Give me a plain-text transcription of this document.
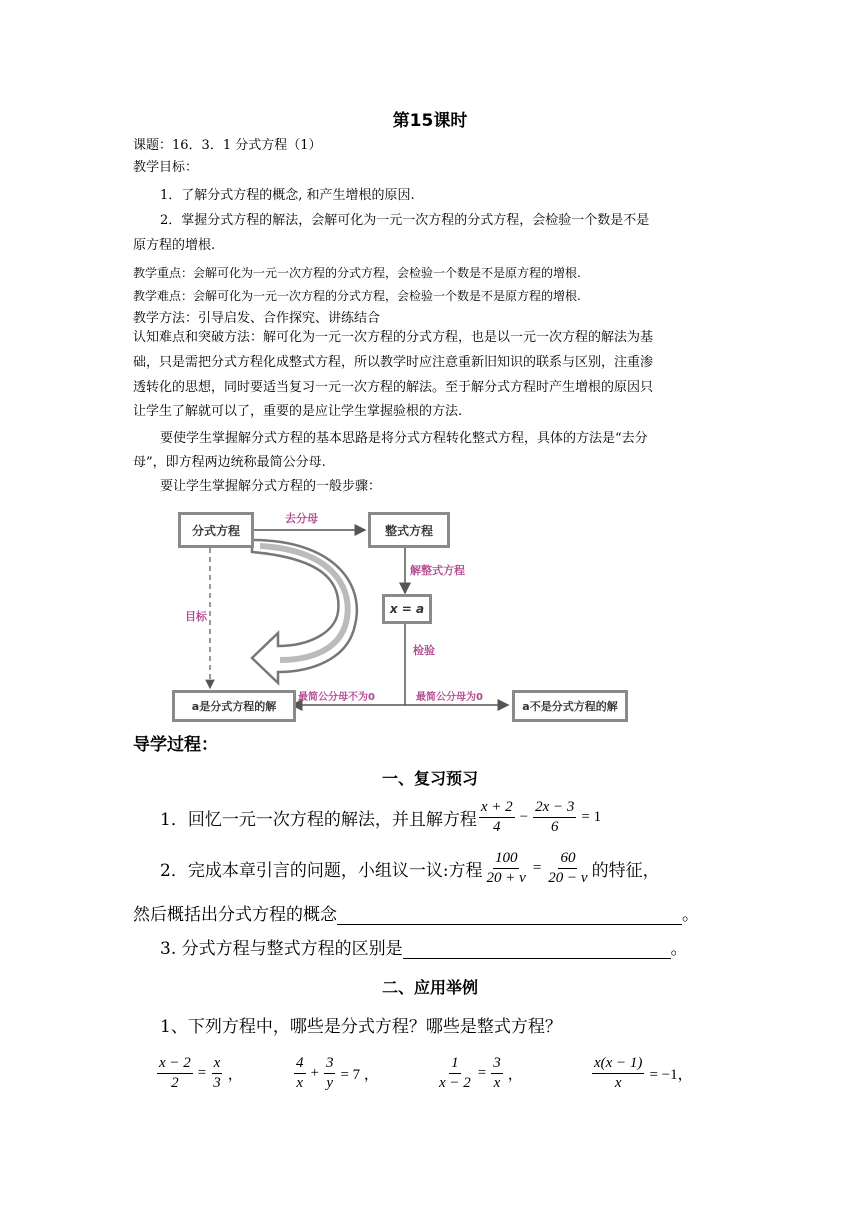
第15课时
课题：16．3．1 分式方程（1）
教学目标：
1．了解分式方程的概念, 和产生增根的原因.
2．掌握分式方程的解法，会解可化为一元一次方程的分式方程，会检验一个数是不是
原方程的增根.
教学重点：会解可化为一元一次方程的分式方程，会检验一个数是不是原方程的增根.
教学难点：会解可化为一元一次方程的分式方程，会检验一个数是不是原方程的增根.
教学方法：引导启发、合作探究、讲练结合
认知难点和突破方法：解可化为一元一次方程的分式方程，也是以一元一次方程的解法为基
础，只是需把分式方程化成整式方程，所以教学时应注意重新旧知识的联系与区别，注重渗
透转化的思想，同时要适当复习一元一次方程的解法。至于解分式方程时产生增根的原因只
让学生了解就可以了，重要的是应让学生掌握验根的方法.
要使学生掌握解分式方程的基本思路是将分式方程转化整式方程，具体的方法是“去分
母”，即方程两边统称最简公分母.
要让学生掌握解分式方程的一般步骤：
分式方程	整式方程
x = a
a是分式方程的解	a不是分式方程的解
去分母
解整式方程
目标
检验
最简公分母不为0	最简公分母为0
导学过程：
一、复习预习
1．回忆一元一次方程的解法，并且解方程 $\frac{x + 2}{4} - \frac{2x - 3}{6} = 1$
2．完成本章引言的问题，小组议一议:方程 $\frac{100}{20 + v} = \frac{60}{20 - v}$ 的特征，
然后概括出分式方程的概念	。
3. 分式方程与整式方程的区别是	。
二、应用举例
1、下列方程中，哪些是分式方程？哪些是整式方程？
$\frac{x - 2}{2} = \frac{x}{3}$ ，	$\frac{4}{x} + \frac{3}{y} = 7$ ，	$\frac{1}{x - 2} = \frac{3}{x}$ ，	$\frac{x(x - 1)}{x} = -1$，
